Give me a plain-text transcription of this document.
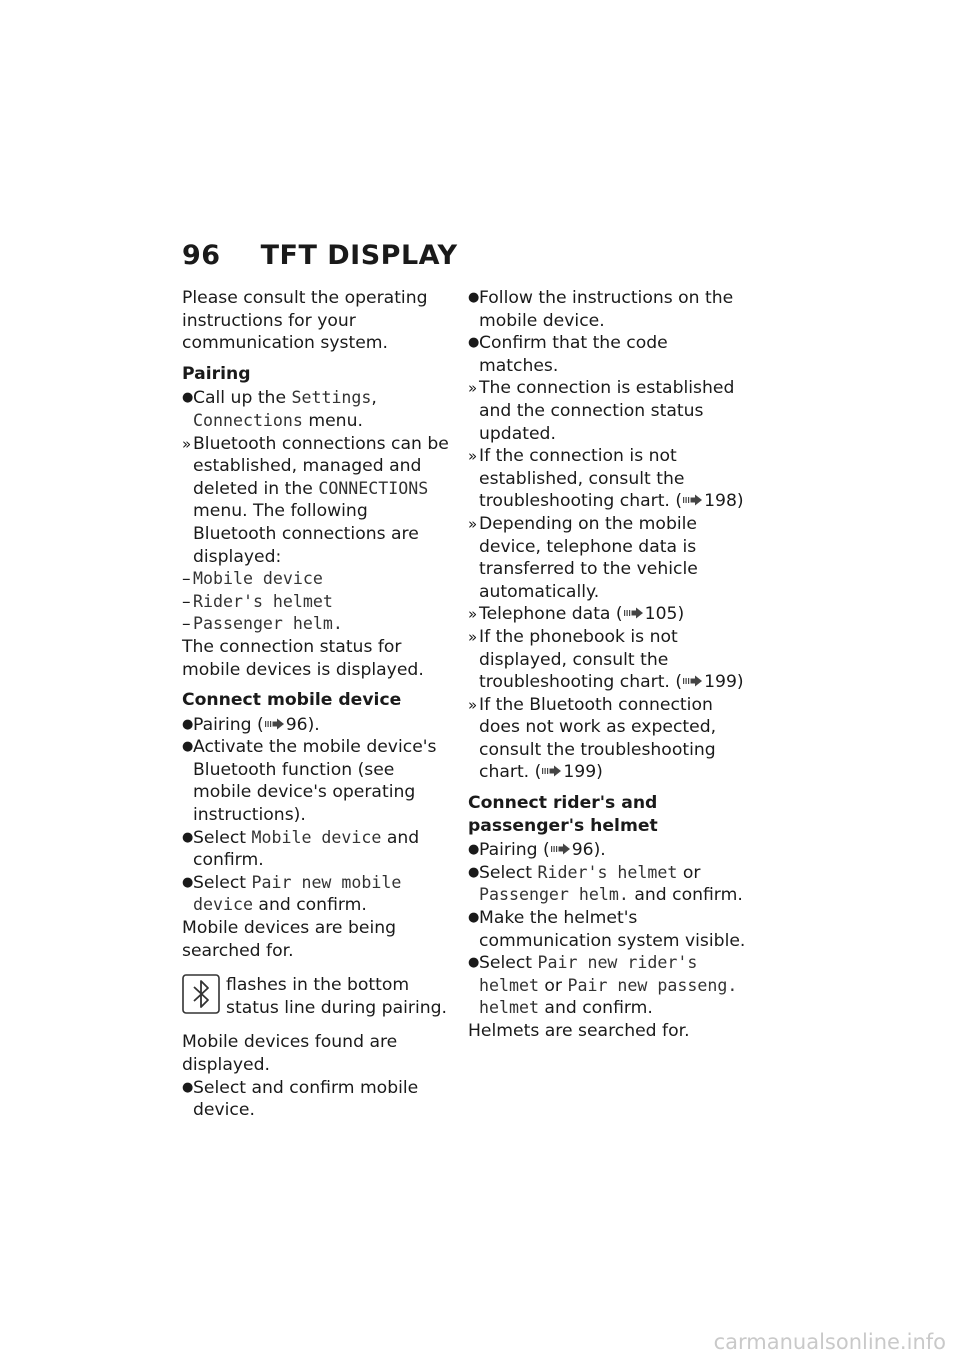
96 TFT DISPLAY

Please consult the operating instructions for your communication system.

Pairing
● Call up the Settings, Connections menu.
» Bluetooth connections can be established, managed and deleted in the CONNECTIONS menu. The following Bluetooth connections are displayed:
– Mobile device
– Rider's helmet
– Passenger helm.

The connection status for mobile devices is displayed.

Connect mobile device
● Pairing ( 96).
● Activate the mobile device's Bluetooth function (see mobile device's operating instructions).
● Select Mobile device and confirm.
● Select Pair new mobile device and confirm.

Mobile devices are being searched for.

flashes in the bottom status line during pairing.

Mobile devices found are displayed.

● Select and confirm mobile device.
● Follow the instructions on the mobile device.
● Confirm that the code matches.
» The connection is established and the connection status updated.
» If the connection is not established, consult the troubleshooting chart. ( 198)
» Depending on the mobile device, telephone data is transferred to the vehicle automatically.
» Telephone data ( 105)
» If the phonebook is not displayed, consult the troubleshooting chart. ( 199)
» If the Bluetooth connection does not work as expected, consult the troubleshooting chart. ( 199)
Connect rider's and passenger's helmet
● Pairing ( 96).
● Select Rider's helmet or Passenger helm. and confirm.
● Make the helmet's communication system visible.
● Select Pair new rider's helmet or Pair new passeng. helmet and confirm.

Helmets are searched for.

carmanualsonline.info
